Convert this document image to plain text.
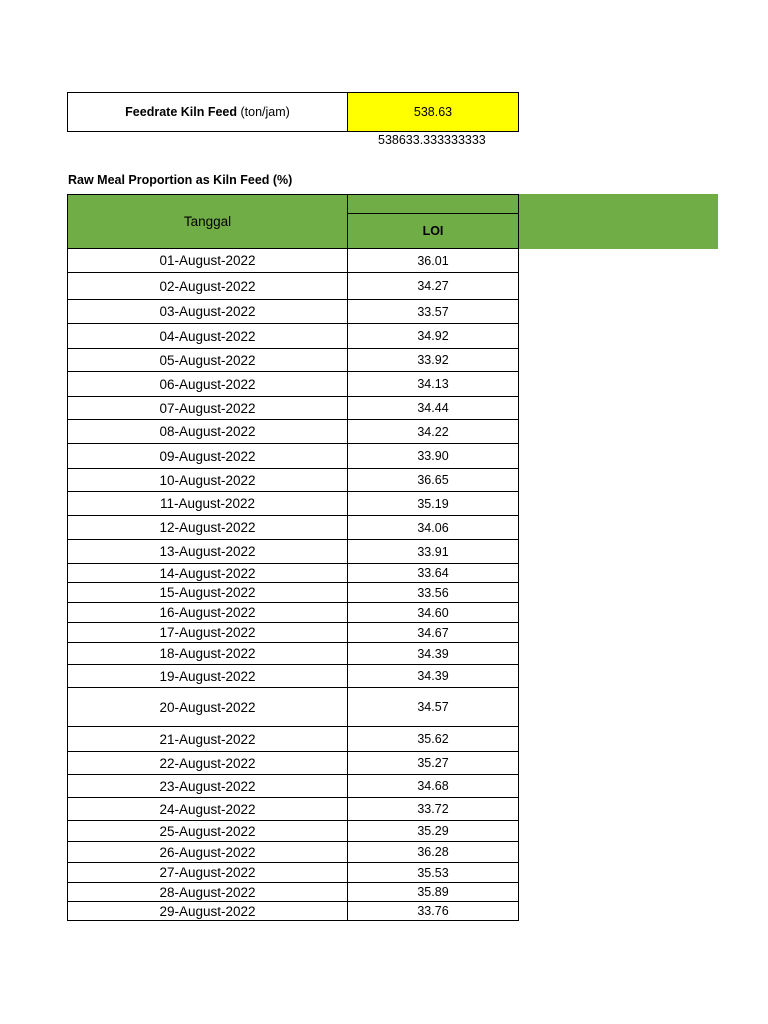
Feedrate Kiln Feed (ton/jam)	538.63
538633.333333333
Raw Meal Proportion as Kiln Feed (%)
Tanggal	
	LOI
01-August-2022	36.01
02-August-2022	34.27
03-August-2022	33.57
04-August-2022	34.92
05-August-2022	33.92
06-August-2022	34.13
07-August-2022	34.44
08-August-2022	34.22
09-August-2022	33.90
10-August-2022	36.65
11-August-2022	35.19
12-August-2022	34.06
13-August-2022	33.91
14-August-2022	33.64
15-August-2022	33.56
16-August-2022	34.60
17-August-2022	34.67
18-August-2022	34.39
19-August-2022	34.39
20-August-2022	34.57
21-August-2022	35.62
22-August-2022	35.27
23-August-2022	34.68
24-August-2022	33.72
25-August-2022	35.29
26-August-2022	36.28
27-August-2022	35.53
28-August-2022	35.89
29-August-2022	33.76
